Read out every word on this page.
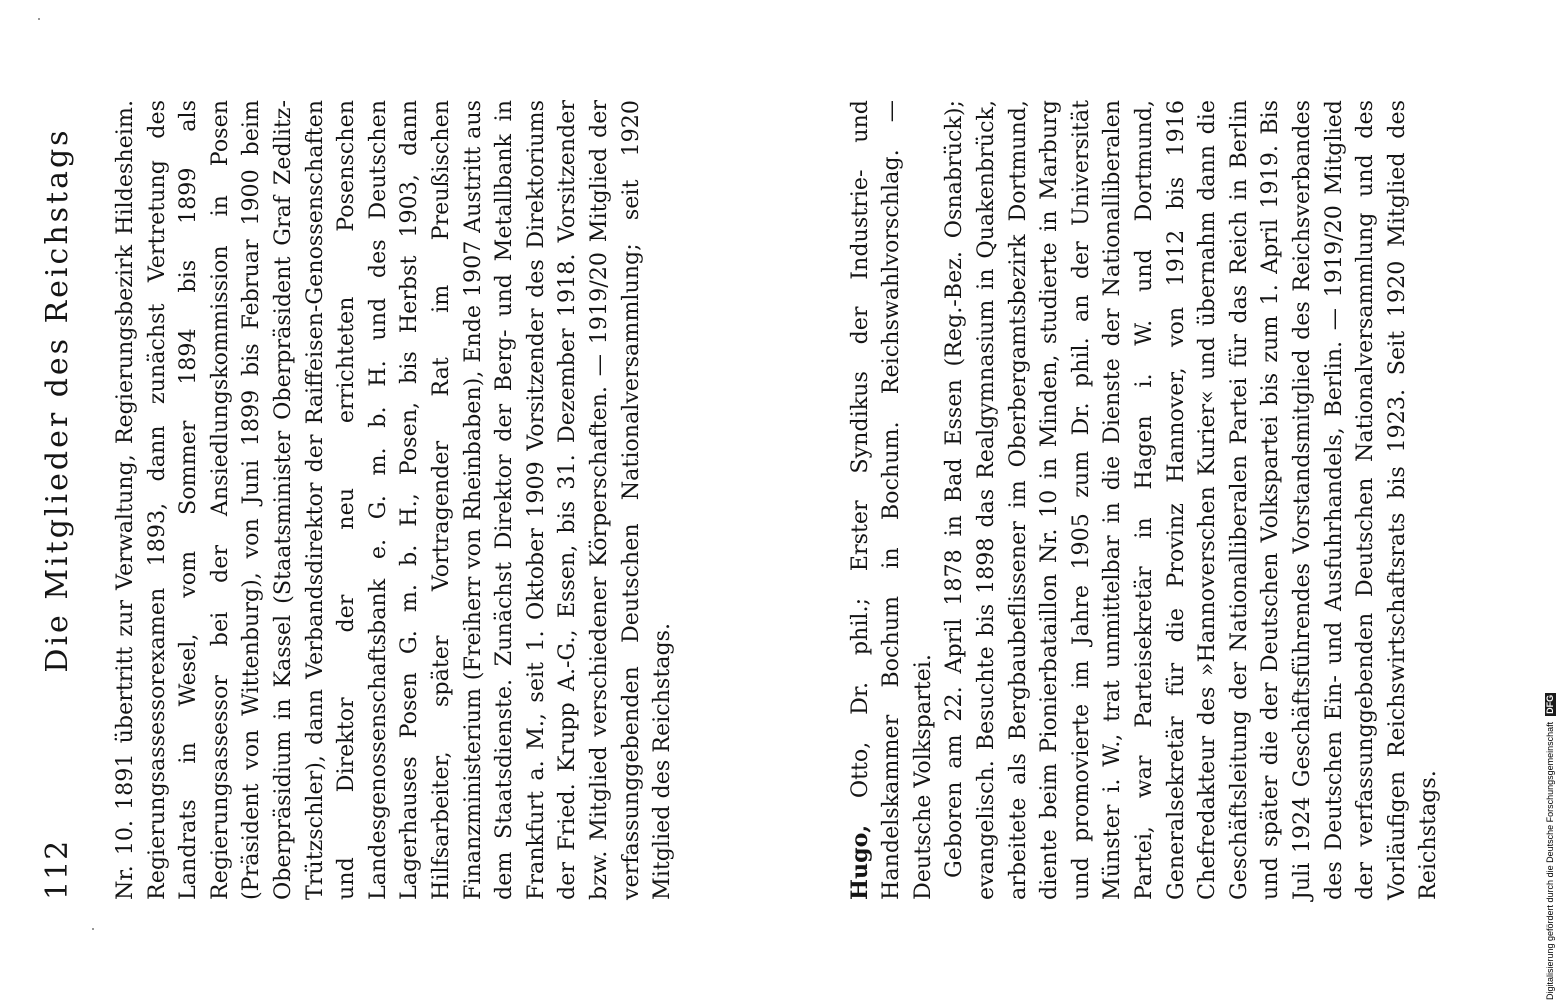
112
Die Mitglieder des Reichstags Nr. 10. 1891 übertritt zur Verwaltung, Regierungsbezirk Hildesheim. Regierungsassessorexamen 1893, dann zunächst Vertretung des Landrats in Wesel, vom Sommer 1894 bis 1899 als Regierungsassessor bei der Ansiedlungskommission in Posen (Präsident von Wittenburg), von Juni 1899 bis Februar 1900 beim Oberpräsidium in Kassel (Staatsminister Oberpräsident Graf Zedlitz-Trützschler), dann Verbandsdirektor der Raiffeisen-Genossenschaften und Direktor der neu errichteten Posenschen Landesgenossenschaftsbank e. G. m. b. H. und des Deutschen Lagerhauses Posen G. m. b. H., Posen, bis Herbst 1903, dann Hilfsarbeiter, später Vortragender Rat im Preußischen Finanzministerium (Freiherr von Rheinbaben), Ende 1907 Austritt aus dem Staatsdienste. Zunächst Direktor der Berg- und Metallbank in Frankfurt a. M., seit 1. Oktober 1909 Vorsitzender des Direktoriums der Fried. Krupp A.-G., Essen, bis 31. Dezember 1918. Vorsitzender bzw. Mitglied verschiedener Körperschaften. — 1919/20 Mitglied der verfassunggebenden Deutschen Nationalversammlung; seit 1920 Mitglied des Reichstags.	Hugo, Otto, Dr. phil.; Erster Syndikus der Industrie- und Handelskammer Bochum in Bochum. Reichswahlvorschlag. — Deutsche Volkspartei. Geboren am 22. April 1878 in Bad Essen (Reg.-Bez. Osnabrück); evangelisch. Besuchte bis 1898 das Realgymnasium in Quakenbrück, arbeitete als Bergbaubeflissener im Oberbergamtsbezirk Dortmund, diente beim Pionierbataillon Nr. 10 in Minden, studierte in Marburg und promovierte im Jahre 1905 zum Dr. phil. an der Universität Münster i. W., trat unmittelbar in die Dienste der Nationalliberalen Partei, war Parteisekretär in Hagen i. W. und Dortmund, Generalsekretär für die Provinz Hannover, von 1912 bis 1916 Chefredakteur des »Hannoverschen Kurier« und übernahm dann die Geschäftsleitung der Nationalliberalen Partei für das Reich in Berlin und später die der Deutschen Volkspartei bis zum 1. April 1919. Bis Juli 1924 Geschäftsführendes Vorstandsmitglied des Reichsverbandes des Deutschen Ein- und Ausfuhrhandels, Berlin. — 1919/20 Mitglied der verfassunggebenden Deutschen Nationalversammlung und des Vorläufigen Reichswirtschaftsrats bis 1923. Seit 1920 Mitglied des Reichstags.	Digitalisierung gefördert durch die Deutsche ForschungsgemeinschaftDFG
